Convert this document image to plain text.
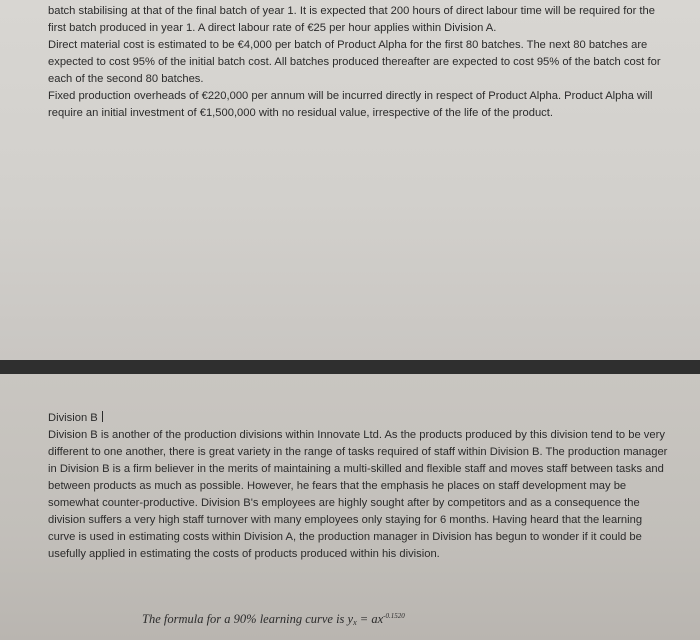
batch stabilising at that of the final batch of year 1. It is expected that 200 hours of direct labour time will be required for the first batch produced in year 1. A direct labour rate of €25 per hour applies within Division A.

Direct material cost is estimated to be €4,000 per batch of Product Alpha for the first 80 batches. The next 80 batches are expected to cost 95% of the initial batch cost. All batches produced thereafter are expected to cost 95% of the batch cost for each of the second 80 batches.

Fixed production overheads of €220,000 per annum will be incurred directly in respect of Product Alpha. Product Alpha will require an initial investment of €1,500,000 with no residual value, irrespective of the life of the product.

Division B

Division B is another of the production divisions within Innovate Ltd. As the products produced by this division tend to be very different to one another, there is great variety in the range of tasks required of staff within Division B. The production manager in Division B is a firm believer in the merits of maintaining a multi-skilled and flexible staff and moves staff between tasks and between products as much as possible. However, he fears that the emphasis he places on staff development may be somewhat counter-productive. Division B's employees are highly sought after by competitors and as a consequence the division suffers a very high staff turnover with many employees only staying for 6 months. Having heard that the learning curve is used in estimating costs within Division A, the production manager in Division has begun to wonder if it could be usefully applied in estimating the costs of products produced within his division.

The formula for a 90% learning curve is $y_x = ax^{-0.1520}$
